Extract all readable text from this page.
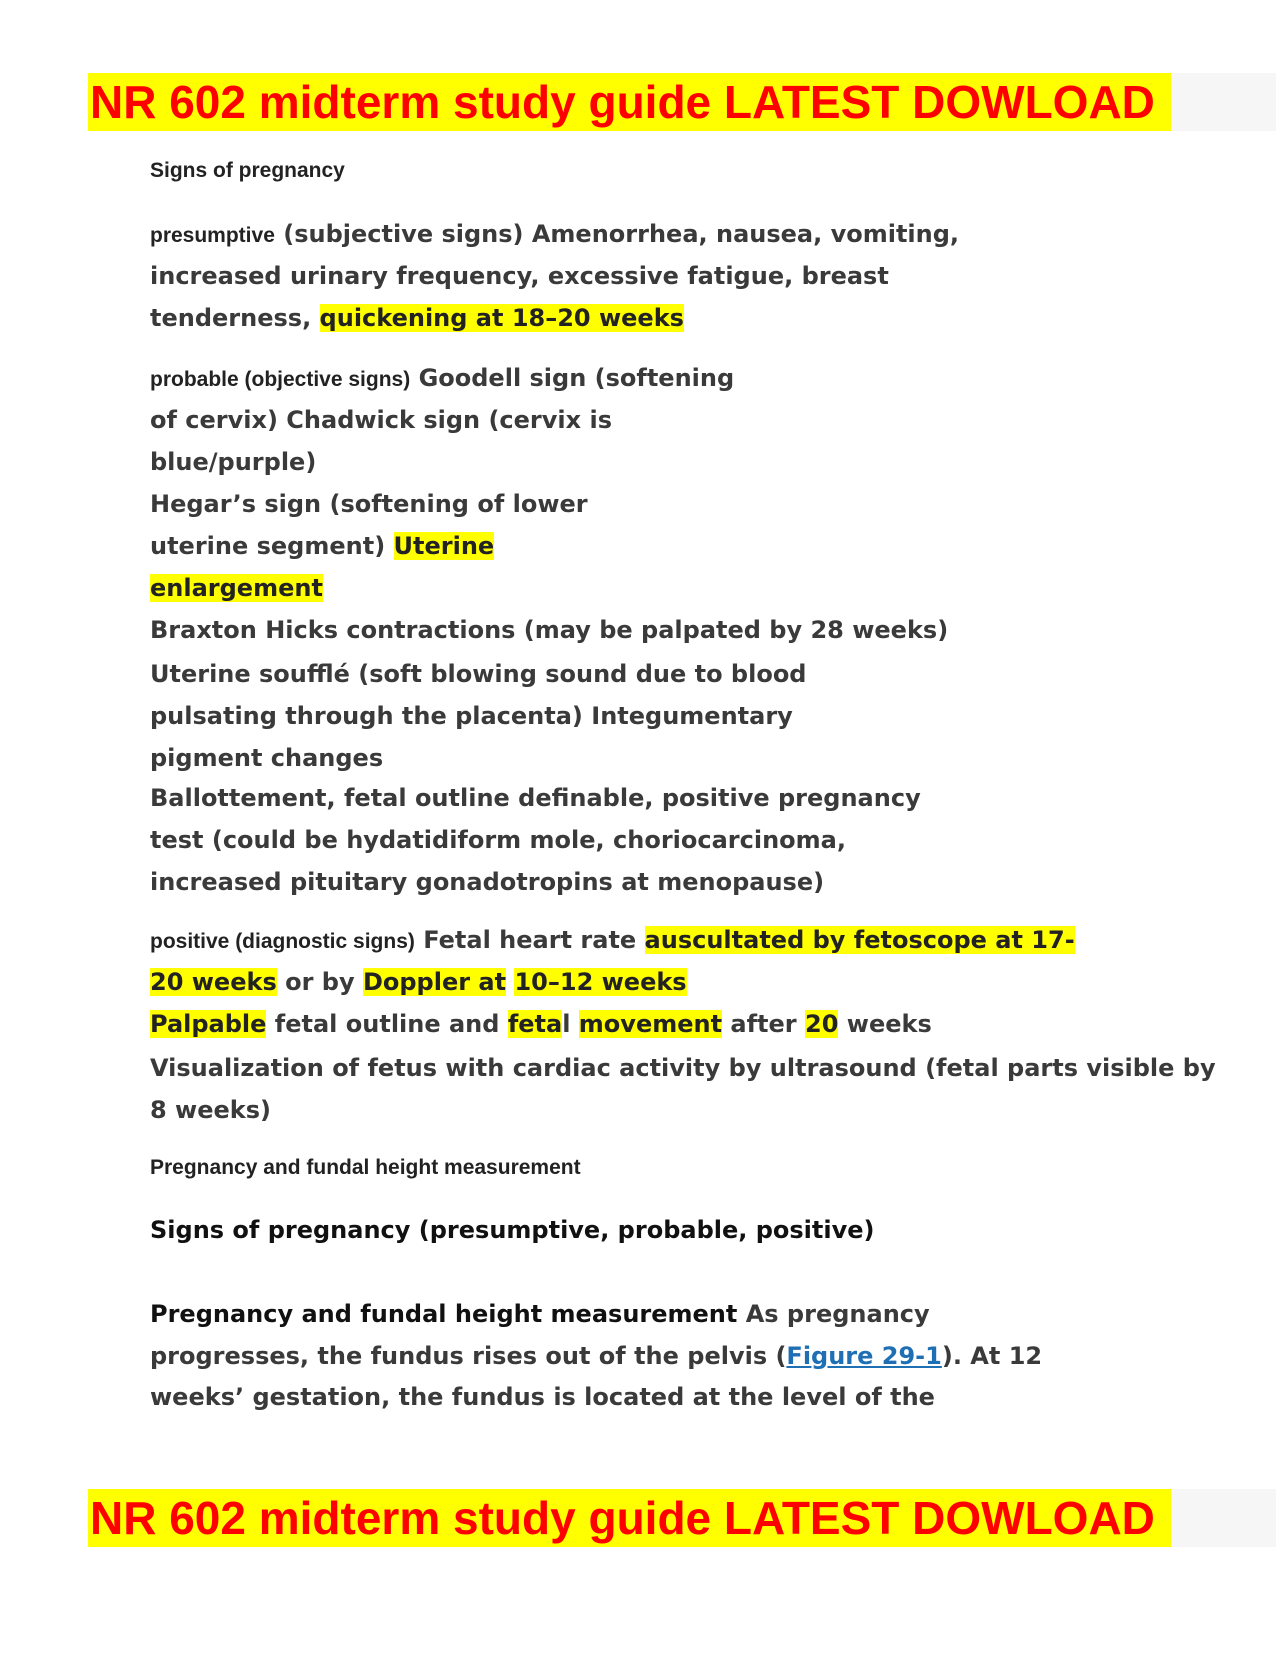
NR 602 midterm study guide LATEST DOWLOAD
Signs of pregnancy
presumptive (subjective signs) Amenorrhea, nausea, vomiting,
increased urinary frequency, excessive fatigue, breast
tenderness, quickening at 18–20 weeks
probable (objective signs) Goodell sign (softening
of cervix) Chadwick sign (cervix is
blue/purple)
Hegar’s sign (softening of lower
uterine segment) Uterine
enlargement
Braxton Hicks contractions (may be palpated by 28 weeks)
Uterine soufflé (soft blowing sound due to blood
pulsating through the placenta) Integumentary
pigment changes
Ballottement, fetal outline definable, positive pregnancy
test (could be hydatidiform mole, choriocarcinoma,
increased pituitary gonadotropins at menopause)
positive (diagnostic signs) Fetal heart rate auscultated by fetoscope at 17-
20 weeks or by Doppler at 10–12 weeks
Palpable fetal outline and fetal movement after 20 weeks
Visualization of fetus with cardiac activity by ultrasound (fetal parts visible by
8 weeks)
Pregnancy and fundal height measurement
Signs of pregnancy (presumptive, probable, positive)
Pregnancy and fundal height measurement As pregnancy
progresses, the fundus rises out of the pelvis (Figure 29-1). At 12
weeks’ gestation, the fundus is located at the level of the
NR 602 midterm study guide LATEST DOWLOAD
